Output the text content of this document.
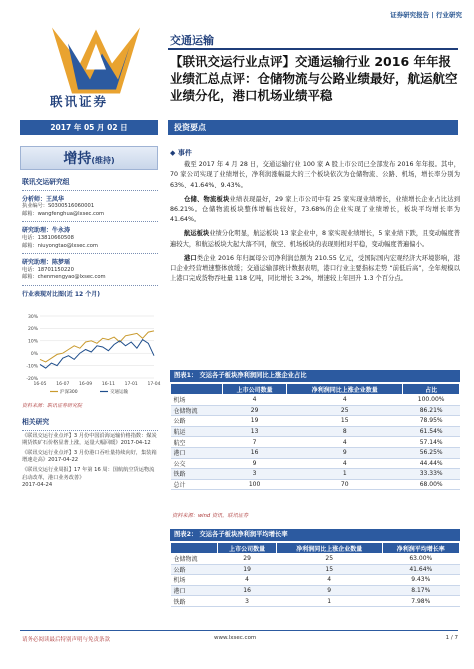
证券研究报告 | 行业研究
联讯证券
交通运输
【联讯交运行业点评】交通运输行业 2016 年年报业绩汇总点评：仓储物流与公路业绩最好，航运航空业绩分化，港口机场业绩平稳
2017 年 05 月 02 日	投资要点
增持(维持)
联讯交运研究组
分析师：王凤华
执业编号：S0300516060001
邮箱：wangfenghua@lxsec.com
研究助理：牛永涛
电话：13810660508
邮箱：niuyongtao@lxsec.com
研究助理：陈梦瑶
电话：18701150220
邮箱：chenmengyao@lxsec.com
行业表现对比图(近 12 个月)
30%
20%
10%
0%
-10%
-20%
16-05 16-07 16-09 16-11 17-01 17-04
沪深300	交通运输
资料来源：联讯证券研究院
相关研究
《联讯交运行业点评】3 月份中国沿海运输价格指数：煤炭期货铁矿石价格显著上涨，运量大幅回暖》2017-04-12
《联讯交运行业点评】3 月份港口吞吐量持续向好，集装箱增速走高》2017-04-22
《联讯交运行业周报】17 年第 16 周：国航航空货运物流启动改革，港口业务改善》
2017-04-24
◆ 事件

截至 2017 年 4 月 28 日，交通运输行业 100 家 A 股上市公司已全部发布 2016 年年报。其中，70 家公司实现了业绩增长，净利润涨幅最大的三个板块依次为仓储物流、公路、机场，增长率分别为 63%、41.64%、9.43%。

仓储、物流板块业绩表现最好，29 家上市公司中有 25 家实现业绩增长，业绩增长企业占比达到 86.21%。仓储物流板块整体增幅也较好，73.68%的企业实现了业绩增长，板块平均增长率为 41.64%。

航运板块业绩分化明显，航运板块 13 家企业中，8 家实现业绩增长，5 家业绩下跌，且变动幅度普遍较大，和航运板块大起大落不同，航空、机场板块的表现则相对平稳，变动幅度普遍偏小。

港口类企业 2016 年归属母公司净利润总额为 210.55 亿元，受国际国内宏观经济大环境影响，港口企业经营增速整体放缓；交通运输部统计数据表明，港口行业主要指标走势 “前低后高”，全年规模以上港口完成货物吞吐量 118 亿吨，同比增长 3.2%，增速较上年回升 1.3 个百分点。

图表1： 交运各子板块净利润同比上涨企业占比
	上市公司数量	净利润同比上涨企业数量	占比
机场	4	4	100.00%
仓储物流	29	25	86.21%
公路	19	15	78.95%
航运	13	8	61.54%
航空	7	4	57.14%
港口	16	9	56.25%
公交	9	4	44.44%
铁路	3	1	33.33%
总计	100	70	68.00%
资料来源：wind 资讯，联讯证券
图表2： 交运各子板块净利润平均增长率
	上市公司数量	净利润同比上涨企业数量	净利润平均增长率
仓储物流	29	25	63.00%
公路	19	15	41.64%
机场	4	4	9.43%
港口	16	9	8.17%
铁路	3	1	7.98%
请务必阅读最后特别声明与免责条款	www.lxsec.com	1 / 7
